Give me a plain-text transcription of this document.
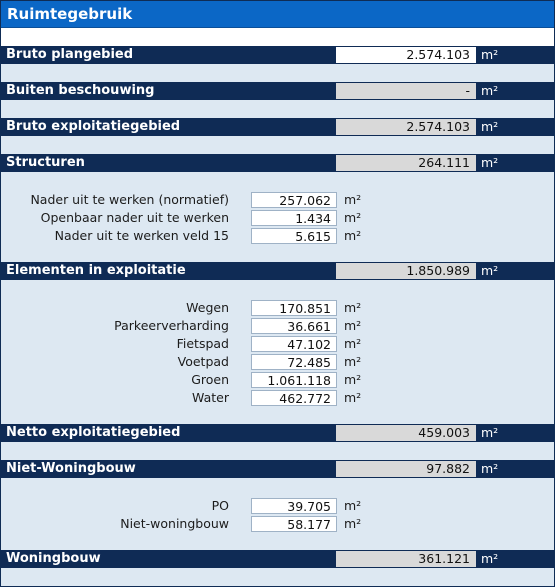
Ruimtegebruik
Bruto plangebied	2.574.103 m²
Buiten beschouwing	- m²
Bruto exploitatiegebied	2.574.103 m²
Structuren	264.111 m²
Nader uit te werken (normatief)	257.062	m²
Openbaar nader uit te werken	1.434	m²
Nader uit te werken veld 15	5.615	m²
Elementen in exploitatie	1.850.989 m²
Wegen	170.851	m²
Parkeerverharding	36.661	m²
Fietspad	47.102	m²
Voetpad	72.485	m²
Groen	1.061.118	m²
Water	462.772	m²
Netto exploitatiegebied	459.003 m²
Niet-Woningbouw	97.882 m²
PO	39.705	m²
Niet-woningbouw	58.177	m²
Woningbouw	361.121 m²
